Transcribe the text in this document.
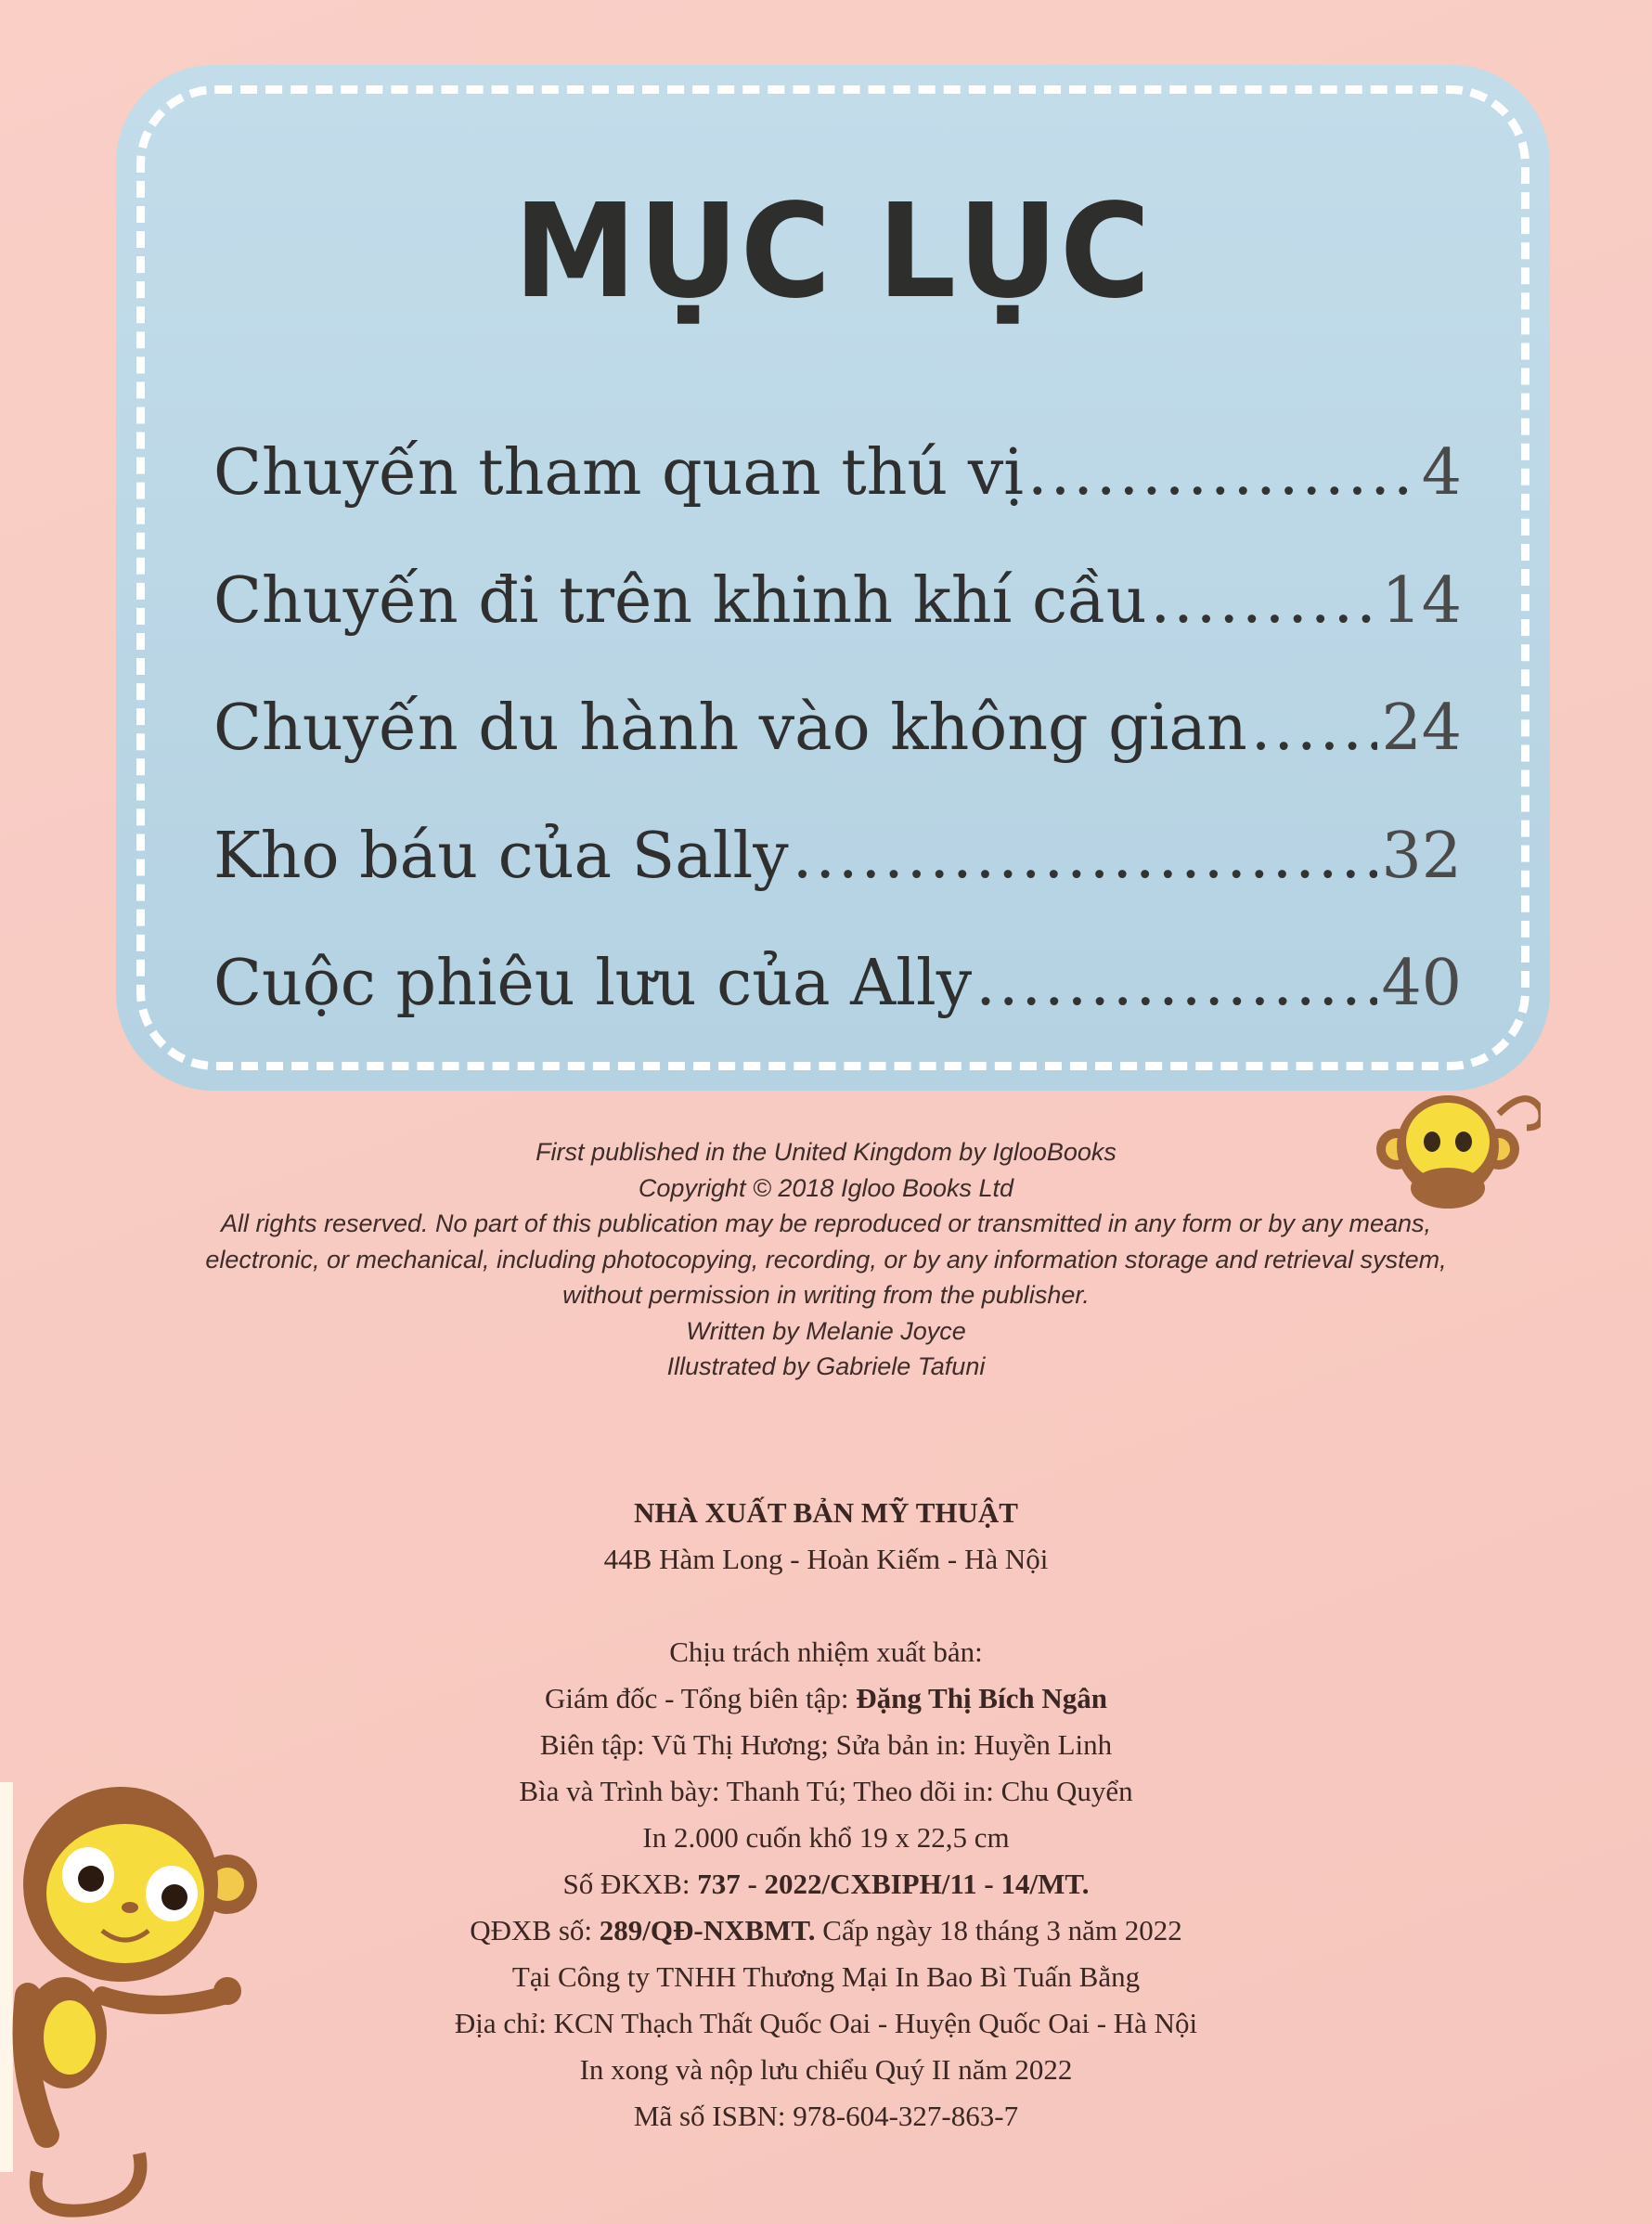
MỤC LỤC
Chuyến tham quan thú vị .....	4
Chuyến đi trên khinh khí cầu .....	14
Chuyến du hành vào không gian ..... 24
Kho báu của Sally .....	32
Cuộc phiêu lưu của Ally .....	40
First published in the United Kingdom by IglooBooks
Copyright © 2018 Igloo Books Ltd
All rights reserved. No part of this publication may be reproduced or transmitted in any form or by any means,
electronic, or mechanical, including photocopying, recording, or by any information storage and retrieval system,
without permission in writing from the publisher.
Written by Melanie Joyce
Illustrated by Gabriele Tafuni
NHÀ XUẤT BẢN MỸ THUẬT
44B Hàm Long - Hoàn Kiếm - Hà Nội
Chịu trách nhiệm xuất bản:
Giám đốc - Tổng biên tập: Đặng Thị Bích Ngân
Biên tập: Vũ Thị Hương; Sửa bản in: Huyền Linh
Bìa và Trình bày: Thanh Tú; Theo dõi in: Chu Quyển
In 2.000 cuốn khổ 19 x 22,5 cm
Số ĐKXB: 737 - 2022/CXBIPH/11 - 14/MT.
QĐXB số: 289/QĐ-NXBMT. Cấp ngày 18 tháng 3 năm 2022
Tại Công ty TNHH Thương Mại In Bao Bì Tuấn Bằng
Địa chỉ: KCN Thạch Thất Quốc Oai - Huyện Quốc Oai - Hà Nội
In xong và nộp lưu chiểu Quý II năm 2022
Mã số ISBN: 978-604-327-863-7
